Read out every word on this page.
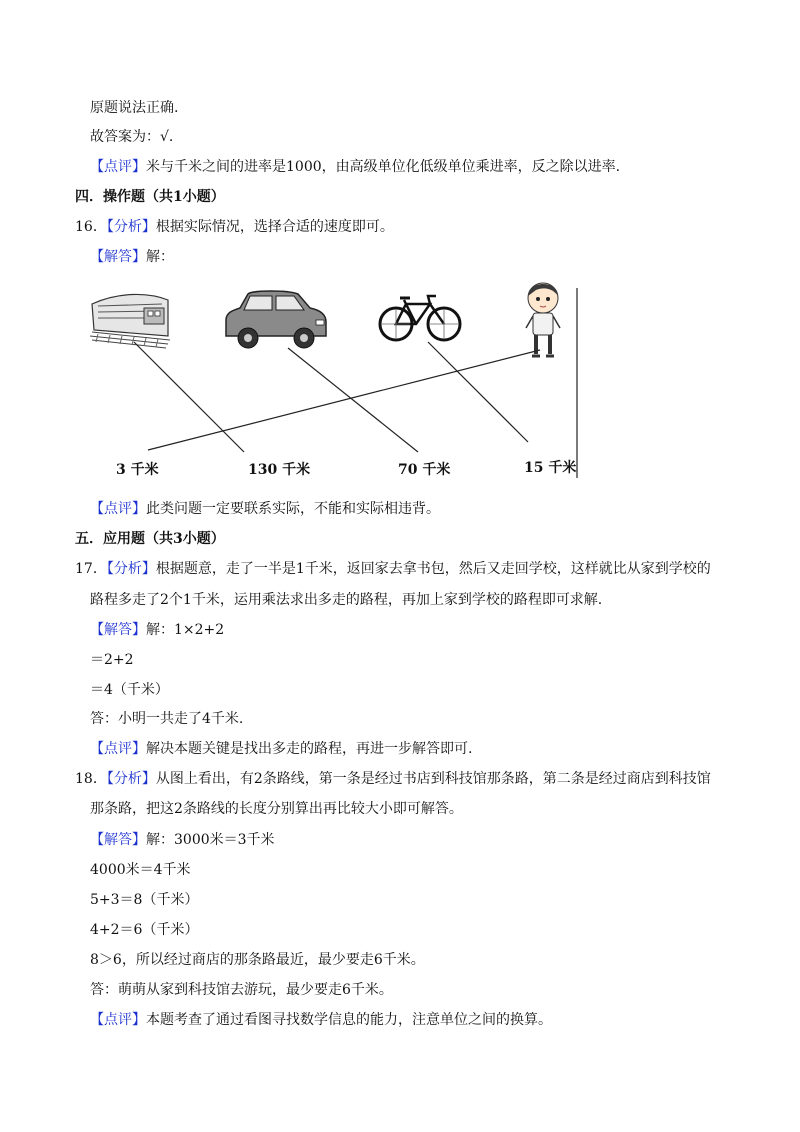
原题说法正确.
故答案为：√.
【点评】米与千米之间的进率是1000，由高级单位化低级单位乘进率，反之除以进率.
四．操作题（共1小题）
16．【分析】根据实际情况，选择合适的速度即可。
【解答】解：
3 千米	130 千米	70 千米	15 千米
【点评】此类问题一定要联系实际，不能和实际相违背。
五．应用题（共3小题）
17．【分析】根据题意，走了一半是1千米，返回家去拿书包，然后又走回学校，这样就比从家到学校的
路程多走了2个1千米，运用乘法求出多走的路程，再加上家到学校的路程即可求解.
【解答】解：1×2+2
＝2+2
＝4（千米）
答：小明一共走了4千米.
【点评】解决本题关键是找出多走的路程，再进一步解答即可.
18．【分析】从图上看出，有2条路线，第一条是经过书店到科技馆那条路，第二条是经过商店到科技馆
那条路，把这2条路线的长度分别算出再比较大小即可解答。
【解答】解：3000米＝3千米
4000米＝4千米
5+3＝8（千米）
4+2＝6（千米）
8＞6，所以经过商店的那条路最近，最少要走6千米。
答：萌萌从家到科技馆去游玩，最少要走6千米。
【点评】本题考查了通过看图寻找数学信息的能力，注意单位之间的换算。
